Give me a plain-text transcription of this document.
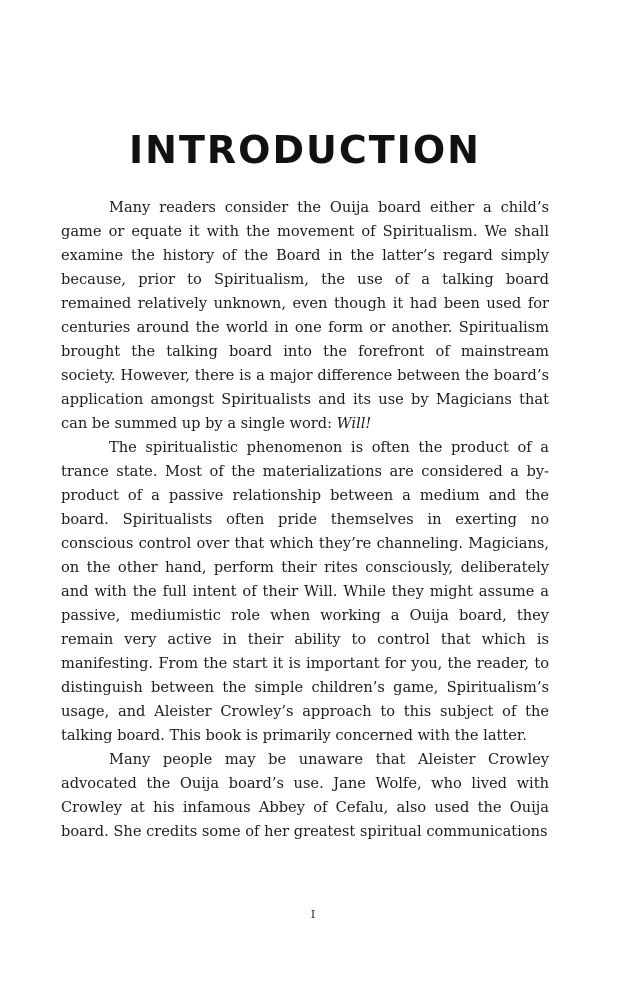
INTRODUCTION

Many readers consider the Ouija board either a child’s game or equate it with the movement of Spiritualism. We shall examine the history of the Board in the latter’s regard simply because, prior to Spiritualism, the use of a talking board remained relatively unknown, even though it had been used for centuries around the world in one form or another. Spiritualism brought the talking board into the forefront of mainstream society. However, there is a major difference between the board’s application amongst Spiritualists and its use by Magicians that can be summed up by a single word: Will!

The spiritualistic phenomenon is often the product of a trance state. Most of the materializations are considered a by-product of a passive relationship between a medium and the board. Spiritualists often pride themselves in exerting no conscious control over that which they’re channeling. Magicians, on the other hand, perform their rites consciously, deliberately and with the full intent of their Will. While they might assume a passive, mediumistic role when working a Ouija board, they remain very active in their ability to control that which is manifesting. From the start it is important for you, the reader, to distinguish between the simple children’s game, Spiritualism’s usage, and Aleister Crowley’s approach to this subject of the talking board. This book is primarily concerned with the latter.

Many people may be unaware that Aleister Crowley advocated the Ouija board’s use. Jane Wolfe, who lived with Crowley at his infamous Abbey of Cefalu, also used the Ouija board. She credits some of her greatest spiritual communications

I
